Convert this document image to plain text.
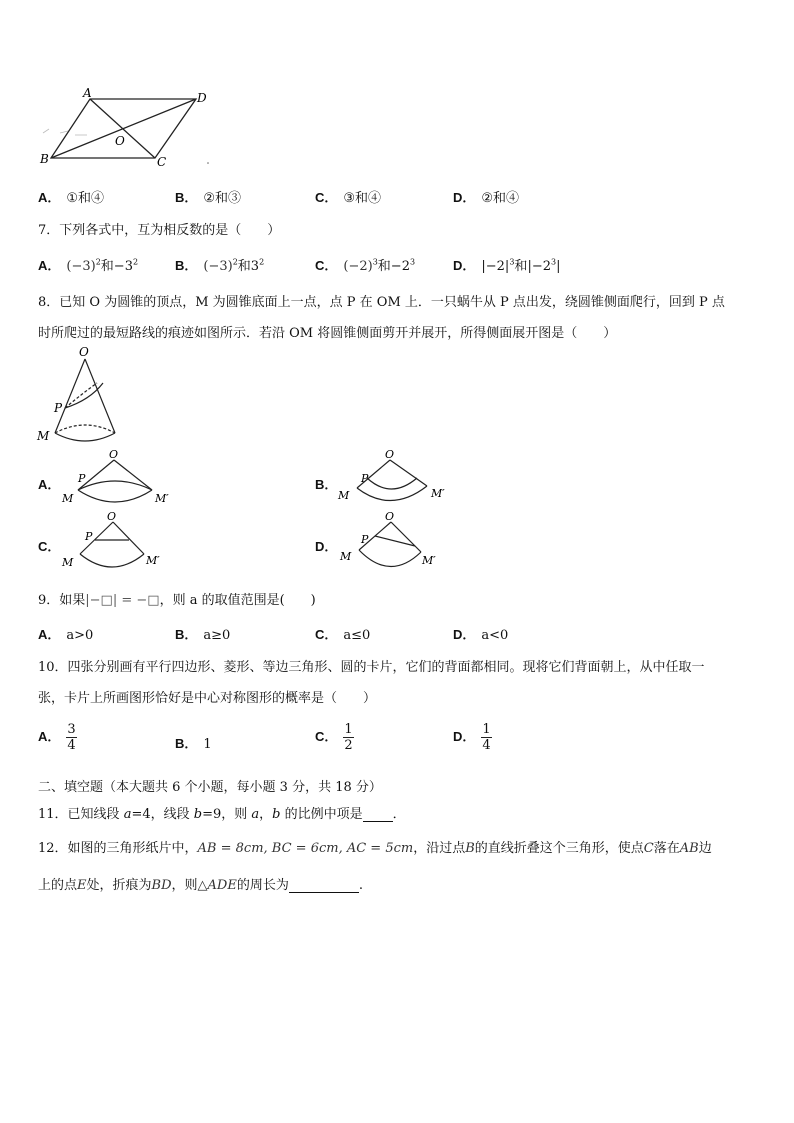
A	D
O
B	C
A． ①和④	B． ②和③	C． ③和④	D． ②和④
7．下列各式中，互为相反数的是（　　）
A． $(-3)^2$和$-3^2$	B． $(-3)^2$和$3^2$	C． $(-2)^3$和$-2^3$	D． $|-2|^3$和$|-2^3|$
8．已知 O 为圆锥的顶点，M 为圆锥底面上一点，点 P 在 OM 上．一只蜗牛从 P 点出发，绕圆锥侧面爬行，回到 P 点
时所爬过的最短路线的痕迹如图所示．若沿 OM 将圆锥侧面剪开并展开，所得侧面展开图是（　　）
O
P
M
A．
O
P
M	M′
B．
O
P
M	M′
C．
O
P
M	M′
D．
O
P
M	M′
9．如果|−□| = −□，则 a 的取值范围是(　　)
A． a>0	B． a≥0	C． a≤0	D． a<0
10．四张分别画有平行四边形、菱形、等边三角形、圆的卡片，它们的背面都相同。现将它们背面朝上，从中任取一
张，卡片上所画图形恰好是中心对称图形的概率是（　　）
A． $\frac{3}{4}$	B． 1
C． $\frac{1}{2}$	D． $\frac{1}{4}$
二、填空题（本大题共 6 个小题，每小题 3 分，共 18 分）
11．已知线段 a=4，线段 b=9，则 a，b 的比例中项是 ．
12．如图的三角形纸片中，AB = 8cm, BC = 6cm, AC = 5cm，沿过点B的直线折叠这个三角形，使点C落在AB边
上的点E处，折痕为BD，则△ADE的周长为	.
